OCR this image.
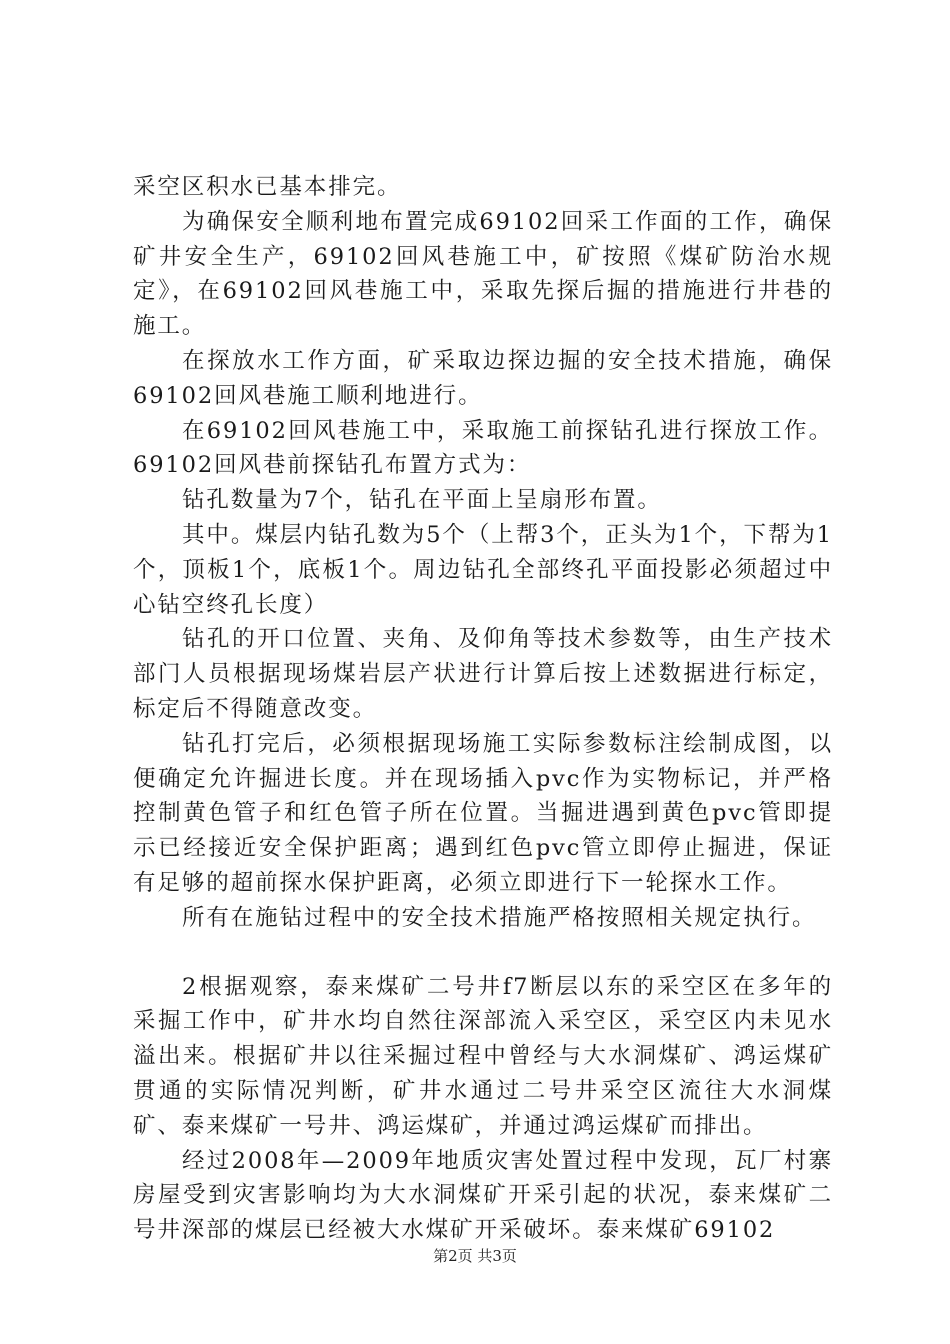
采空区积水已基本排完。

为确保安全顺利地布置完成69102回采工作面的工作，确保矿井安全生产，69102回风巷施工中，矿按照《煤矿防治水规定》，在69102回风巷施工中，采取先探后掘的措施进行井巷的施工。

在探放水工作方面，矿采取边探边掘的安全技术措施，确保69102回风巷施工顺利地进行。

在69102回风巷施工中，采取施工前探钻孔进行探放工作。69102回风巷前探钻孔布置方式为：

钻孔数量为7个，钻孔在平面上呈扇形布置。

其中。煤层内钻孔数为5个（上帮3个，正头为1个，下帮为1个，顶板1个，底板1个。周边钻孔全部终孔平面投影必须超过中心钻空终孔长度）

钻孔的开口位置、夹角、及仰角等技术参数等，由生产技术部门人员根据现场煤岩层产状进行计算后按上述数据进行标定，标定后不得随意改变。

钻孔打完后，必须根据现场施工实际参数标注绘制成图，以便确定允许掘进长度。并在现场插入pvc作为实物标记，并严格控制黄色管子和红色管子所在位置。当掘进遇到黄色pvc管即提示已经接近安全保护距离；遇到红色pvc管立即停止掘进，保证有足够的超前探水保护距离，必须立即进行下一轮探水工作。

所有在施钻过程中的安全技术措施严格按照相关规定执行。

2根据观察，泰来煤矿二号井f7断层以东的采空区在多年的采掘工作中，矿井水均自然往深部流入采空区，采空区内未见水溢出来。根据矿井以往采掘过程中曾经与大水洞煤矿、鸿运煤矿贯通的实际情况判断，矿井水通过二号井采空区流往大水洞煤矿、泰来煤矿一号井、鸿运煤矿，并通过鸿运煤矿而排出。

经过2008年—2009年地质灾害处置过程中发现，瓦厂村寨房屋受到灾害影响均为大水洞煤矿开采引起的状况，泰来煤矿二号井深部的煤层已经被大水煤矿开采破坏。泰来煤矿69102

第2页 共3页
